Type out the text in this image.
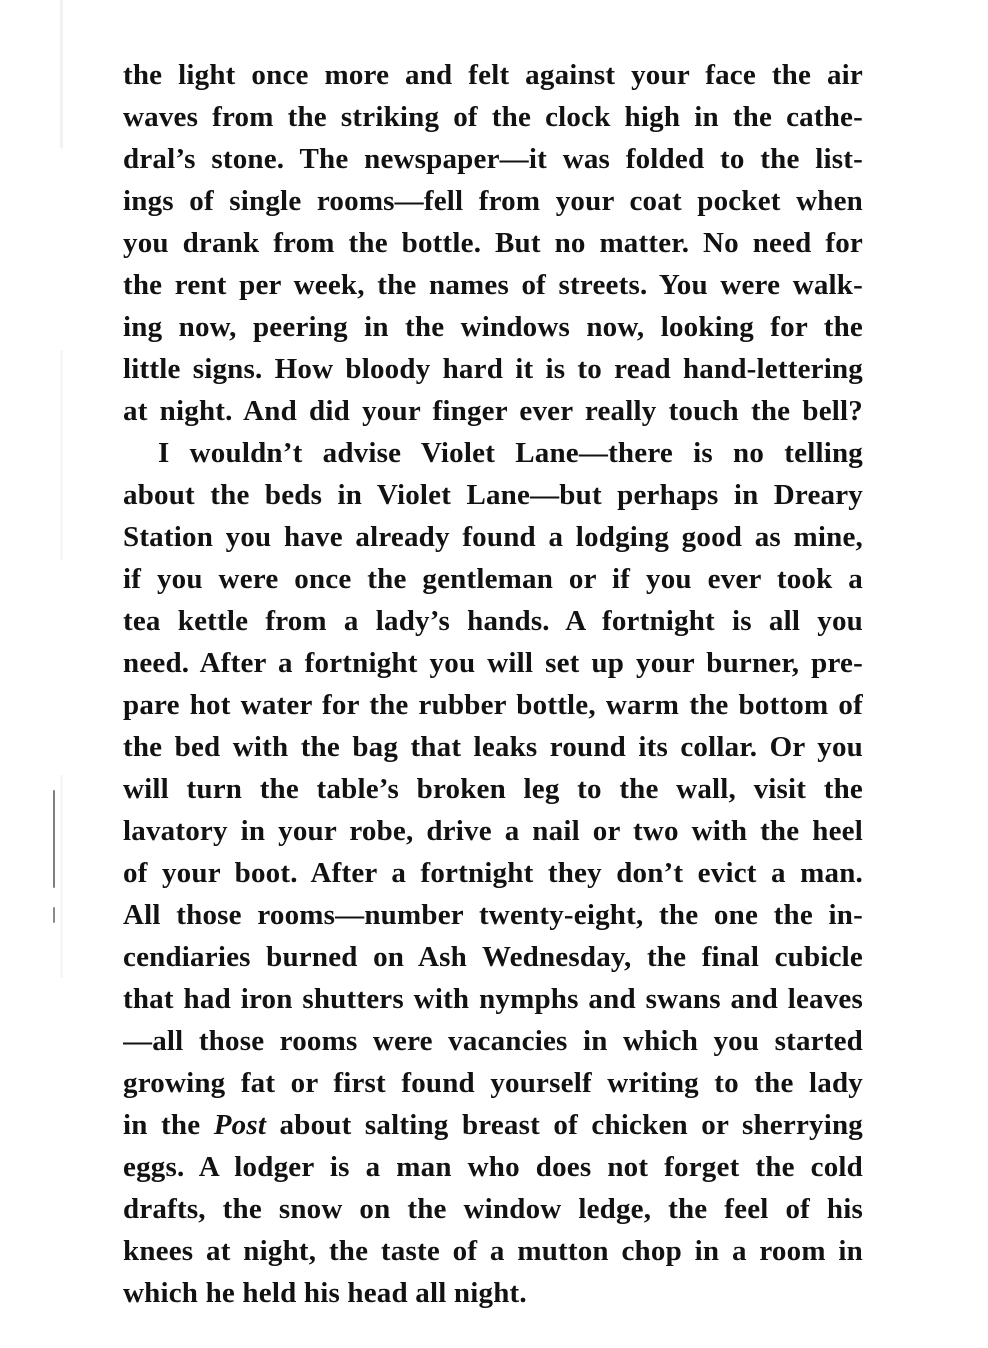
the light once more and felt against your face the air
waves from the striking of the clock high in the cathe-
dral’s stone. The newspaper—it was folded to the list-
ings of single rooms—fell from your coat pocket when
you drank from the bottle. But no matter. No need for
the rent per week, the names of streets. You were walk-
ing now, peering in the windows now, looking for the
little signs. How bloody hard it is to read hand-lettering
at night. And did your finger ever really touch the bell?
I wouldn’t advise Violet Lane—there is no telling
about the beds in Violet Lane—but perhaps in Dreary
Station you have already found a lodging good as mine,
if you were once the gentleman or if you ever took a
tea kettle from a lady’s hands. A fortnight is all you
need. After a fortnight you will set up your burner, pre-
pare hot water for the rubber bottle, warm the bottom of
the bed with the bag that leaks round its collar. Or you
will turn the table’s broken leg to the wall, visit the
lavatory in your robe, drive a nail or two with the heel
of your boot. After a fortnight they don’t evict a man.
All those rooms—number twenty-eight, the one the in-
cendiaries burned on Ash Wednesday, the final cubicle
that had iron shutters with nymphs and swans and leaves
—all those rooms were vacancies in which you started
growing fat or first found yourself writing to the lady
in the Post about salting breast of chicken or sherrying
eggs. A lodger is a man who does not forget the cold
drafts, the snow on the window ledge, the feel of his
knees at night, the taste of a mutton chop in a room in
which he held his head all night.
